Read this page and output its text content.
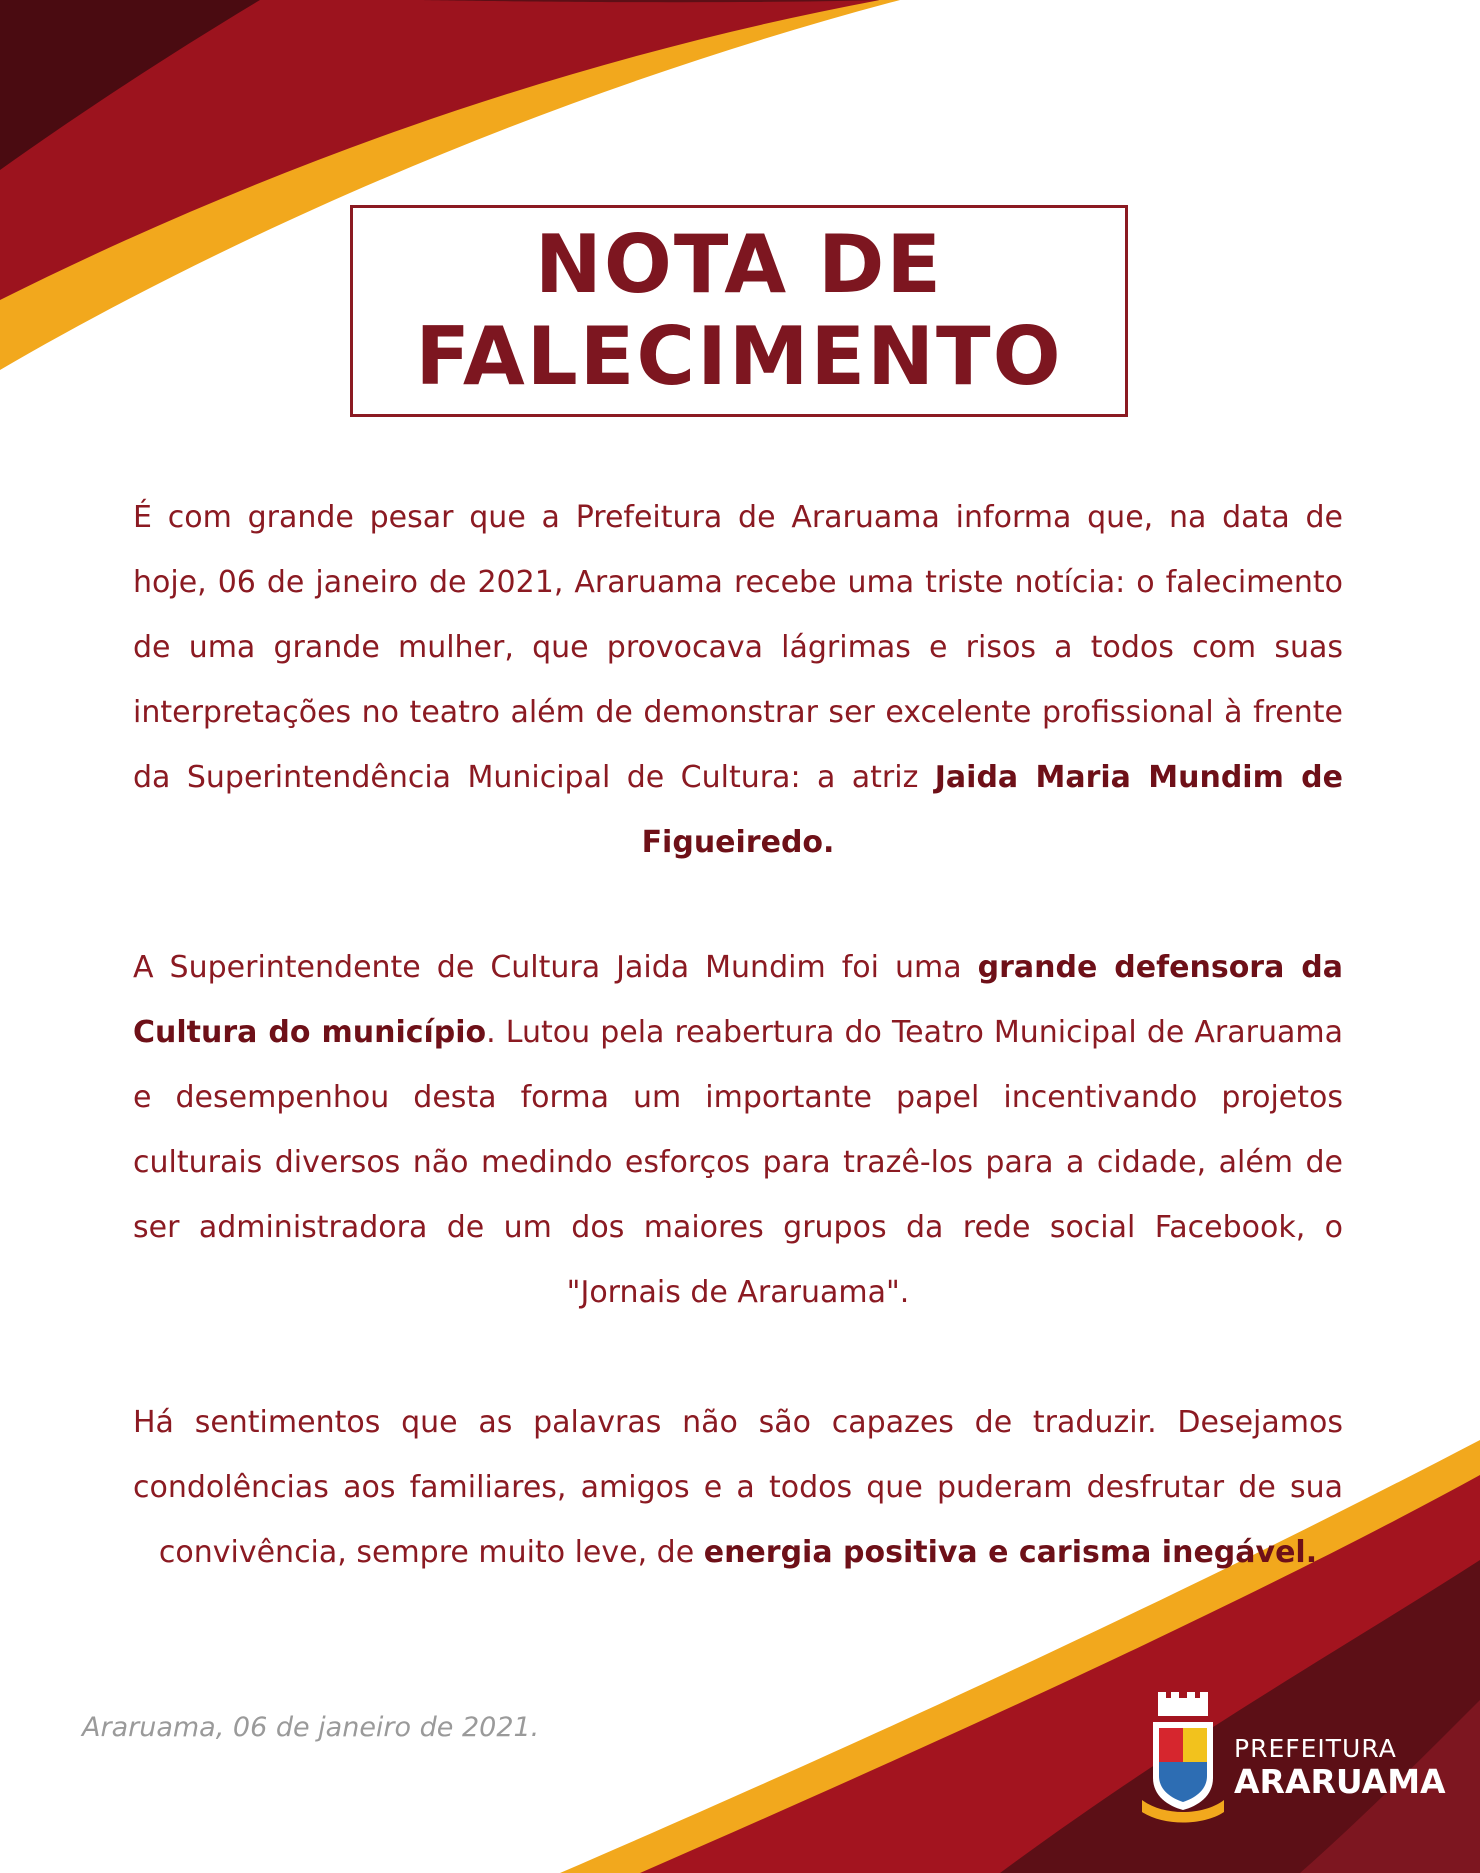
NOTA DE
FALECIMENTO
É com grande pesar que a Prefeitura de Araruama informa que, na data de hoje, 06 de janeiro de 2021, Araruama recebe uma triste notícia: o falecimento de uma grande mulher, que provocava lágrimas e risos a todos com suas interpretações no teatro além de demonstrar ser excelente profissional à frente da Superintendência Municipal de Cultura: a atriz Jaida Maria Mundim de Figueiredo.
A Superintendente de Cultura Jaida Mundim foi uma grande defensora da Cultura do município. Lutou pela reabertura do Teatro Municipal de Araruama e desempenhou desta forma um importante papel incentivando projetos culturais diversos não medindo esforços para trazê-los para a cidade, além de ser administradora de um dos maiores grupos da rede social Facebook, o "Jornais de Araruama".
Há sentimentos que as palavras não são capazes de traduzir. Desejamos condolências aos familiares, amigos e a todos que puderam desfrutar de sua convivência, sempre muito leve, de energia positiva e carisma inegável.
Araruama, 06 de janeiro de 2021.
PREFEITURA
ARARUAMA
